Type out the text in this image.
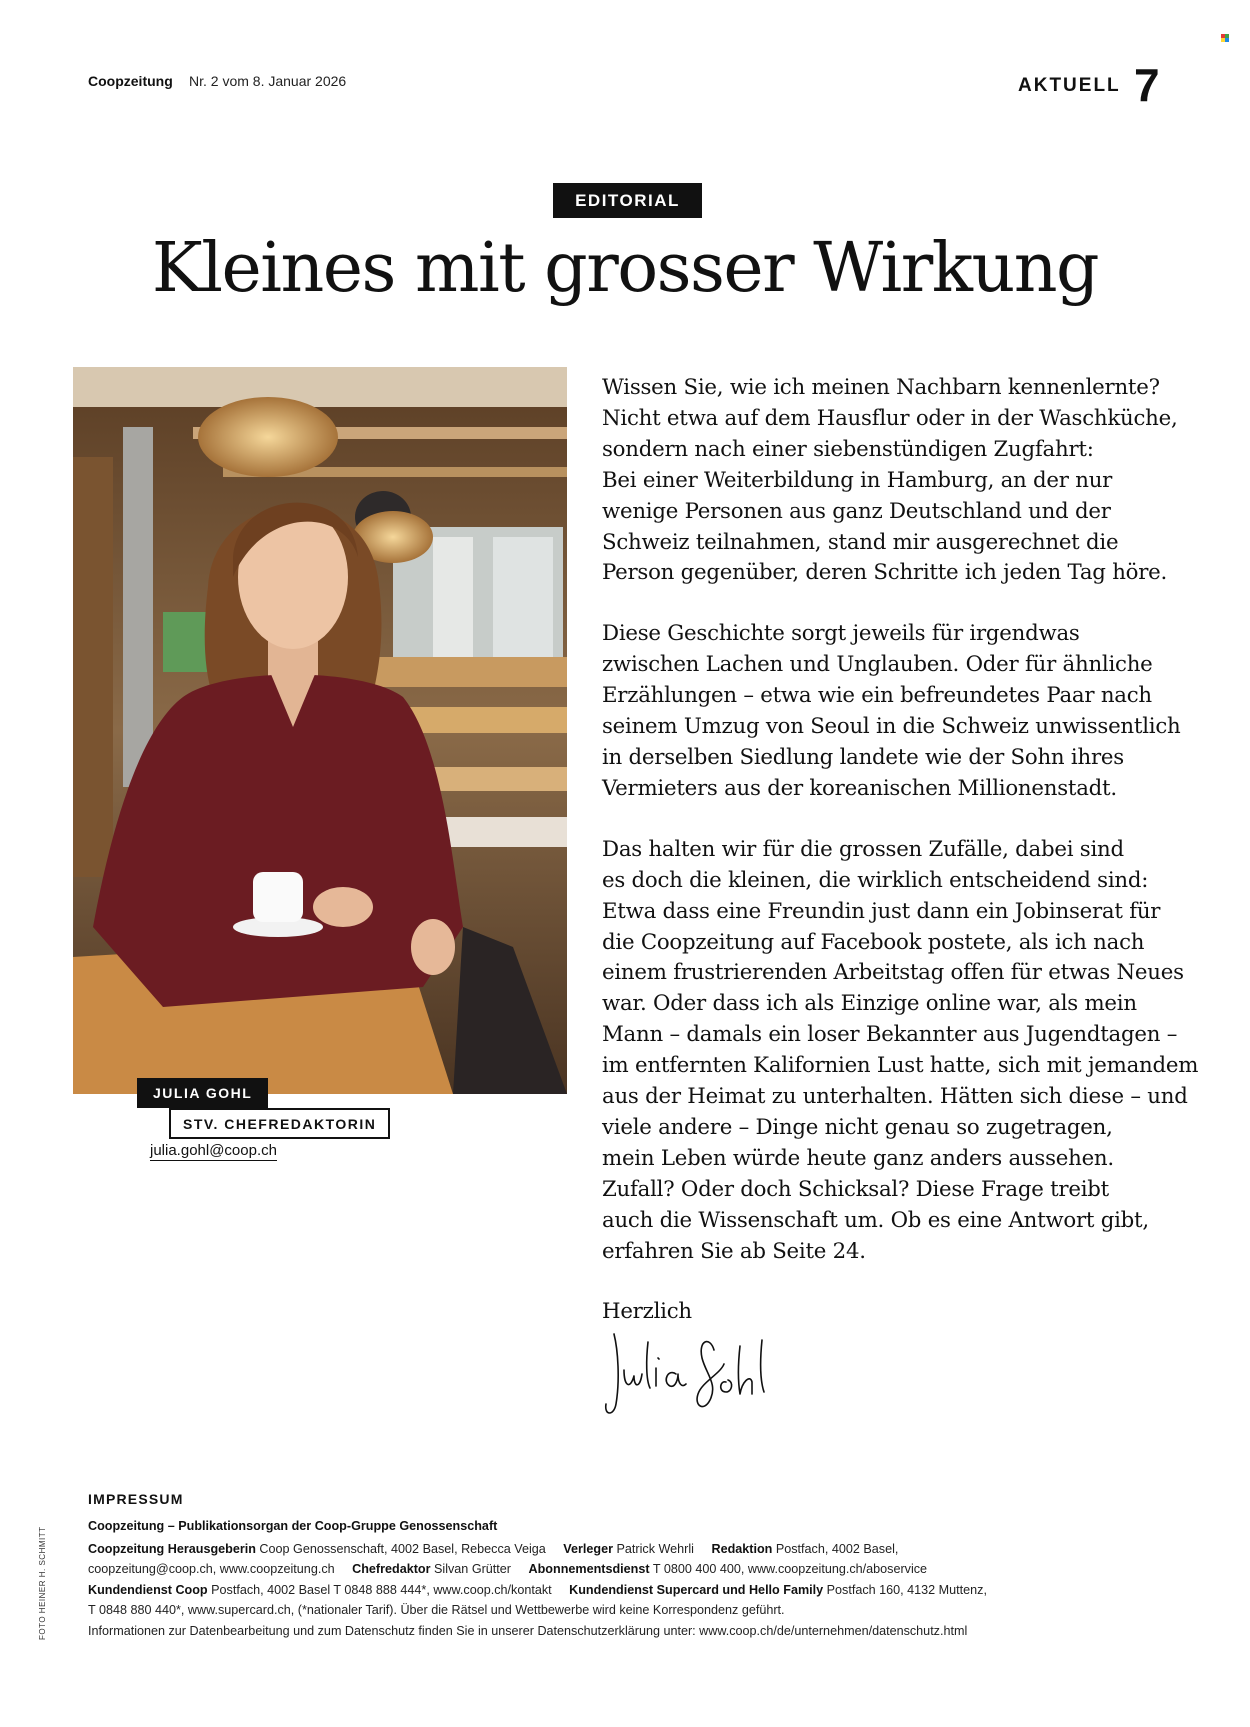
Coopzeitung Nr. 2 vom 8. Januar 2026	AKTUELL 7
EDITORIAL
Kleines mit grosser Wirkung
JULIA GOHL
STV. CHEFREDAKTORIN
julia.gohl@coop.ch

Wissen Sie, wie ich meinen Nachbarn kennenlernte?
Nicht etwa auf dem Hausflur oder in der Waschküche,
sondern nach einer siebenstündigen Zugfahrt:
Bei einer Weiterbildung in Hamburg, an der nur
wenige Personen aus ganz Deutschland und der
Schweiz teilnahmen, stand mir ausgerechnet die
Person gegenüber, deren Schritte ich jeden Tag höre.

Diese Geschichte sorgt jeweils für irgendwas
zwischen Lachen und Unglauben. Oder für ähnliche
Erzählungen – etwa wie ein befreundetes Paar nach
seinem Umzug von Seoul in die Schweiz unwissentlich
in derselben Siedlung landete wie der Sohn ihres
Vermieters aus der koreanischen Millionenstadt.

Das halten wir für die grossen Zufälle, dabei sind
es doch die kleinen, die wirklich entscheidend sind:
Etwa dass eine Freundin just dann ein Jobinserat für
die Coopzeitung auf Facebook postete, als ich nach
einem frustrierenden Arbeitstag offen für etwas Neues
war. Oder dass ich als Einzige online war, als mein
Mann – damals ein loser Bekannter aus Jugendtagen –
im entfernten Kalifornien Lust hatte, sich mit jemandem
aus der Heimat zu unterhalten. Hätten sich diese – und
viele andere – Dinge nicht genau so zugetragen,
mein Leben würde heute ganz anders aussehen.
Zufall? Oder doch Schicksal? Diese Frage treibt
auch die Wissenschaft um. Ob es eine Antwort gibt,
erfahren Sie ab Seite 24.

Herzlich

IMPRESSUM
Coopzeitung – Publikationsorgan der Coop-Gruppe Genossenschaft
Coopzeitung Herausgeberin Coop Genossenschaft, 4002 Basel, Rebecca Veiga Verleger Patrick Wehrli Redaktion Postfach, 4002 Basel,
coopzeitung@coop.ch, www.coopzeitung.ch Chefredaktor Silvan Grütter Abonnementsdienst T 0800 400 400, www.coopzeitung.ch/aboservice
Kundendienst Coop Postfach, 4002 Basel T 0848 888 444*, www.coop.ch/kontakt Kundendienst Supercard und Hello Family Postfach 160, 4132 Muttenz,
T 0848 880 440*, www.supercard.ch, (*nationaler Tarif). Über die Rätsel und Wettbewerbe wird keine Korrespondenz geführt.
Informationen zur Datenbearbeitung und zum Datenschutz finden Sie in unserer Datenschutzerklärung unter: www.coop.ch/de/unternehmen/datenschutz.html
FOTO HEINER H. SCHMITT
